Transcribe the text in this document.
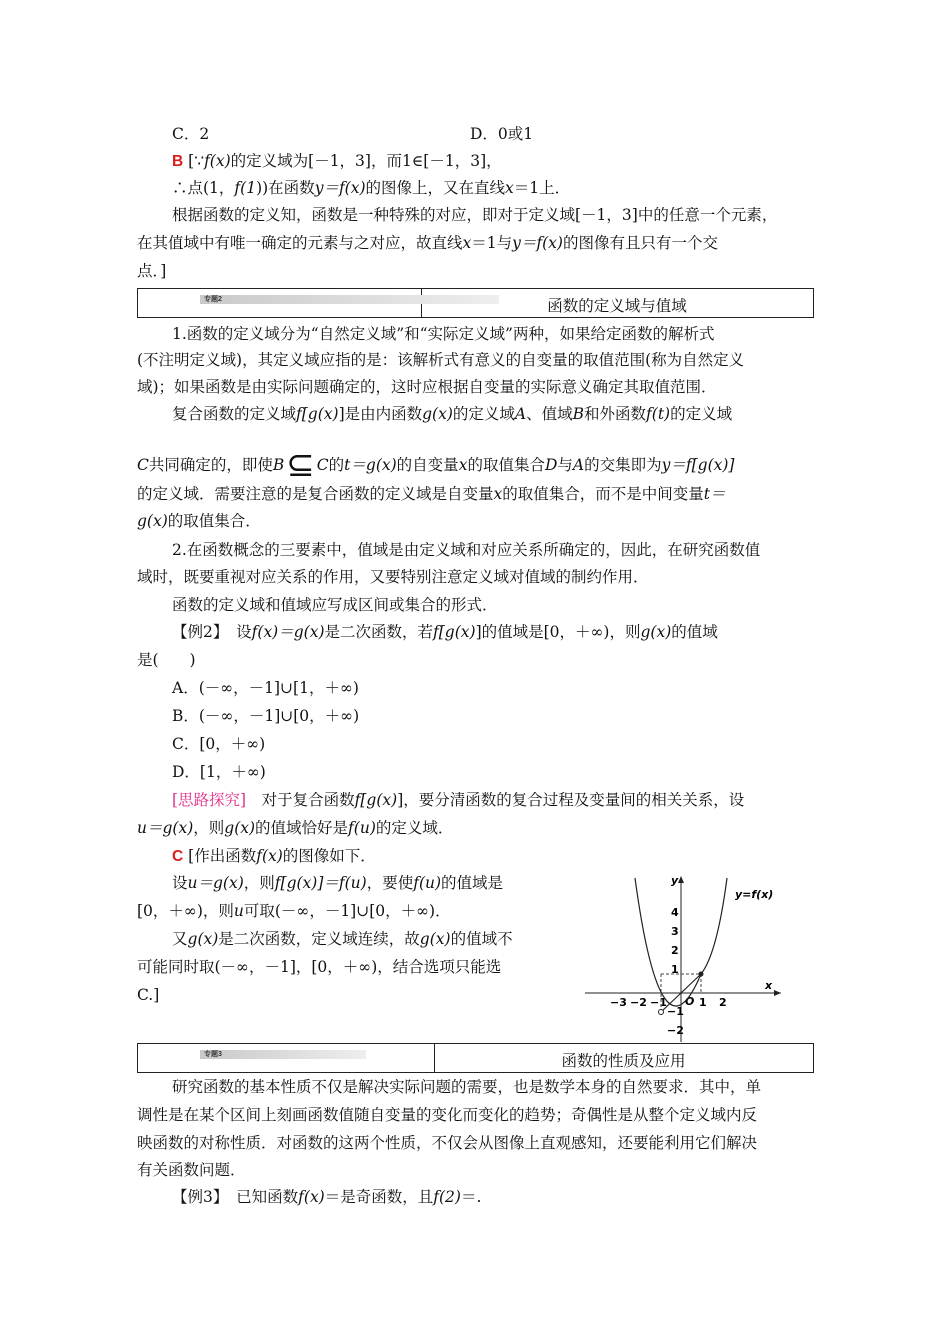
C．2	D．0或1
B [∵f(x)的定义域为[－1，3]，而1∈[－1，3]，
∴点(1，f(1))在函数y＝f(x)的图像上，又在直线x＝1上．
根据函数的定义知，函数是一种特殊的对应，即对于定义域[－1，3]中的任意一个元素，
在其值域中有唯一确定的元素与之对应，故直线x＝1与y＝f(x)的图像有且只有一个交
点．]
专题2	函数的定义域与值域
1.函数的定义域分为“自然定义域”和“实际定义域”两种，如果给定函数的解析式
(不注明定义域)，其定义域应指的是：该解析式有意义的自变量的取值范围(称为自然定义
域)；如果函数是由实际问题确定的，这时应根据自变量的实际意义确定其取值范围．
复合函数的定义域f[g(x)]是由内函数g(x)的定义域A、值域B和外函数f(t)的定义域
C共同确定的，即使B⊆ C的t＝g(x)的自变量x的取值集合D与A的交集即为y＝f[g(x)]
的定义域．需要注意的是复合函数的定义域是自变量x的取值集合，而不是中间变量t＝
g(x)的取值集合．
2.在函数概念的三要素中，值域是由定义域和对应关系所确定的，因此，在研究函数值
域时，既要重视对应关系的作用，又要特别注意定义域对值域的制约作用．
函数的定义域和值域应写成区间或集合的形式．
【例2】　 设f(x)＝g(x)是二次函数，若f[g(x)]的值域是[0，＋∞)，则g(x)的值域
是(　　)
A．(－∞，－1]∪[1，＋∞)
B．(－∞，－1]∪[0，＋∞)
C．[0，＋∞)
D．[1，＋∞)
[思路探究]　 对于复合函数f[g(x)]，要分清函数的复合过程及变量间的相关关系，设
u＝g(x)，则g(x)的值域恰好是f(u)的定义域．
C [作出函数f(x)的图像如下．
设u＝g(x)，则f[g(x)]＝f(u)，要使f(u)的值域是
[0，＋∞)，则u可取(－∞，－1]∪[0，＋∞)．
又g(x)是二次函数，定义域连续，故g(x)的值域不
可能同时取(－∞，－1]，[0，＋∞)，结合选项只能选
C.]
x
y
O
y=f(x)
−3 −2 −1	1 2
4
3
2
1
−1
−2
专题3	函数的性质及应用
研究函数的基本性质不仅是解决实际问题的需要，也是数学本身的自然要求．其中，单
调性是在某个区间上刻画函数值随自变量的变化而变化的趋势；奇偶性是从整个定义域内反
映函数的对称性质．对函数的这两个性质，不仅会从图像上直观感知，还要能利用它们解决
有关函数问题．
【例3】　 已知函数f(x)＝是奇函数，且f(2)＝.
